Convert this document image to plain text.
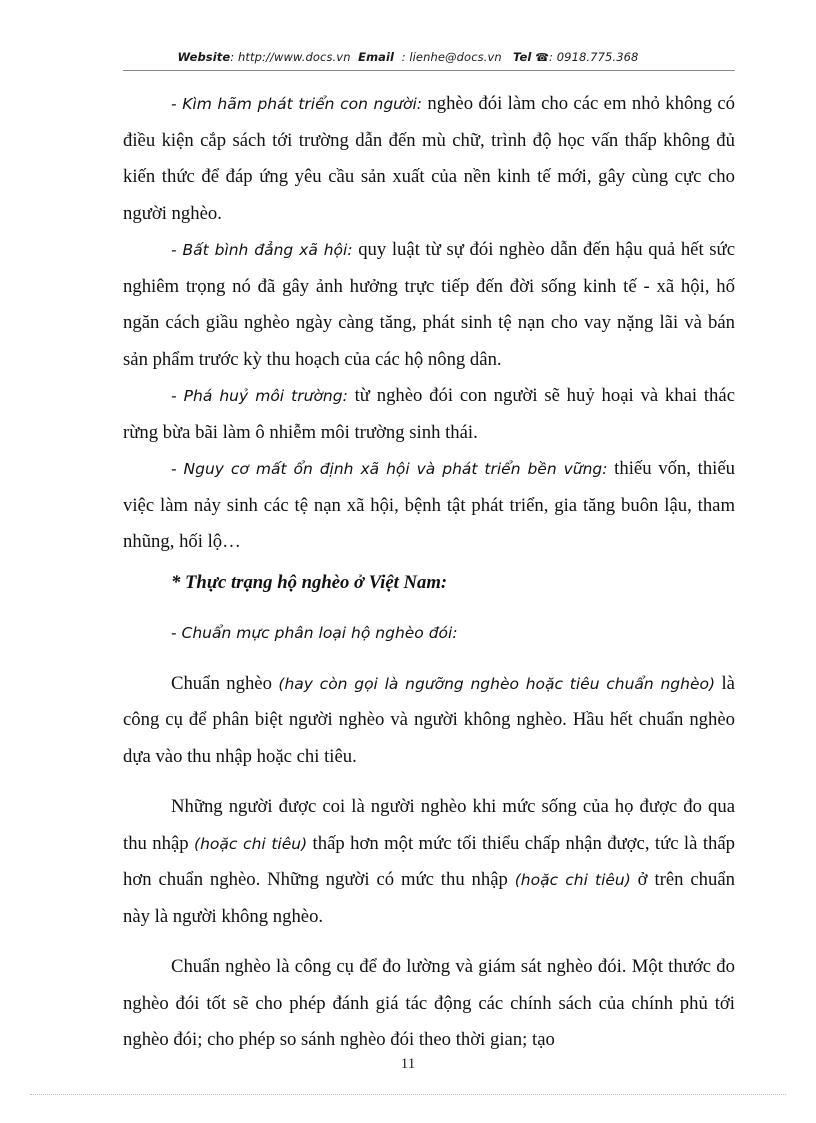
Website: http://www.docs.vn Email : lienhe@docs.vn Tel ☎: 0918.775.368

- Kìm hãm phát triển con người: nghèo đói làm cho các em nhỏ không có điều kiện cắp sách tới trường dẫn đến mù chữ, trình độ học vấn thấp không đủ kiến thức để đáp ứng yêu cầu sản xuất của nền kinh tế mới, gây cùng cực cho người nghèo.

- Bất bình đẳng xã hội: quy luật từ sự đói nghèo dẫn đến hậu quả hết sức nghiêm trọng nó đã gây ảnh hưởng trực tiếp đến đời sống kinh tế - xã hội, hố ngăn cách giầu nghèo ngày càng tăng, phát sinh tệ nạn cho vay nặng lãi và bán sản phẩm trước kỳ thu hoạch của các hộ nông dân.

- Phá huỷ môi trường: từ nghèo đói con người sẽ huỷ hoại và khai thác rừng bừa bãi làm ô nhiễm môi trường sinh thái.

- Nguy cơ mất ổn định xã hội và phát triển bền vững: thiếu vốn, thiếu việc làm nảy sinh các tệ nạn xã hội, bệnh tật phát triển, gia tăng buôn lậu, tham nhũng, hối lộ…

* Thực trạng hộ nghèo ở Việt Nam:

- Chuẩn mực phân loại hộ nghèo đói:

Chuẩn nghèo (hay còn gọi là ngưỡng nghèo hoặc tiêu chuẩn nghèo) là công cụ để phân biệt người nghèo và người không nghèo. Hầu hết chuẩn nghèo dựa vào thu nhập hoặc chi tiêu.

Những người được coi là người nghèo khi mức sống của họ được đo qua thu nhập (hoặc chi tiêu) thấp hơn một mức tối thiểu chấp nhận được, tức là thấp hơn chuẩn nghèo. Những người có mức thu nhập (hoặc chi tiêu) ở trên chuẩn này là người không nghèo.

Chuẩn nghèo là công cụ để đo lường và giám sát nghèo đói. Một thước đo nghèo đói tốt sẽ cho phép đánh giá tác động các chính sách của chính phủ tới nghèo đói; cho phép so sánh nghèo đói theo thời gian; tạo

11
